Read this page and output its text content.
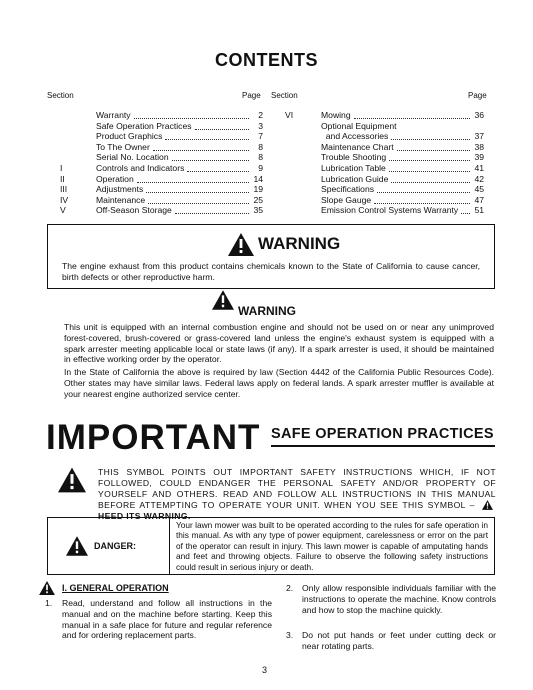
CONTENTS
Section	Page Section	Page
Warranty	2
Safe Operation Practices	3
Product Graphics	7
To The Owner	8
Serial No. Location	8
I	Controls and Indicators	9
II	Operation	14
III	Adjustments	19
IV	Maintenance	25
V	Off-Season Storage	35
VI	Mowing	36
Optional Equipment
and Accessories	37
Maintenance Chart	38
Trouble Shooting	39
Lubrication Table	41
Lubrication Guide	42
Specifications	45
Slope Gauge	47
Emission Control Systems Warranty	51
WARNING
The engine exhaust from this product contains chemicals known to the State of California to cause cancer, birth defects or other reproductive harm.
WARNING
This unit is equipped with an internal combustion engine and should not be used on or near any unimproved forest-covered, brush-covered or grass-covered land unless the engine's exhaust system is equipped with a spark arrester meeting applicable local or state laws (if any). If a spark arrester is used, it should be maintained in effective working order by the operator.
In the State of California the above is required by law (Section 4442 of the California Public Resources Code). Other states may have similar laws. Federal laws apply on federal lands. A spark arrester muffler is available at your nearest engine authorized service center.
IMPORTANT SAFE OPERATION PRACTICES
THIS SYMBOL POINTS OUT IMPORTANT SAFETY INSTRUCTIONS WHICH, IF NOT FOLLOWED, COULD ENDANGER THE PERSONAL SAFETY AND/OR PROPERTY OF YOURSELF AND OTHERS. READ AND FOLLOW ALL INSTRUCTIONS IN THIS MANUAL BEFORE ATTEMPTING TO OPERATE YOUR UNIT. WHEN YOU SEE THIS SYMBOL –  HEED ITS WARNING.
DANGER:
Your lawn mower was built to be operated according to the rules for safe operation in this manual. As with any type of power equipment, carelessness or error on the part of the operator can result in injury. This lawn mower is capable of amputating hands and feet and throwing objects. Failure to observe the following safety instructions could result in serious injury or death.
I. GENERAL OPERATION
1. Read, understand and follow all instructions in the manual and on the machine before starting. Keep this manual in a safe place for future and regular reference and for ordering replacement parts.
2. Only allow responsible individuals familiar with the instructions to operate the machine. Know controls and how to stop the machine quickly.
3. Do not put hands or feet under cutting deck or near rotating parts.
3
